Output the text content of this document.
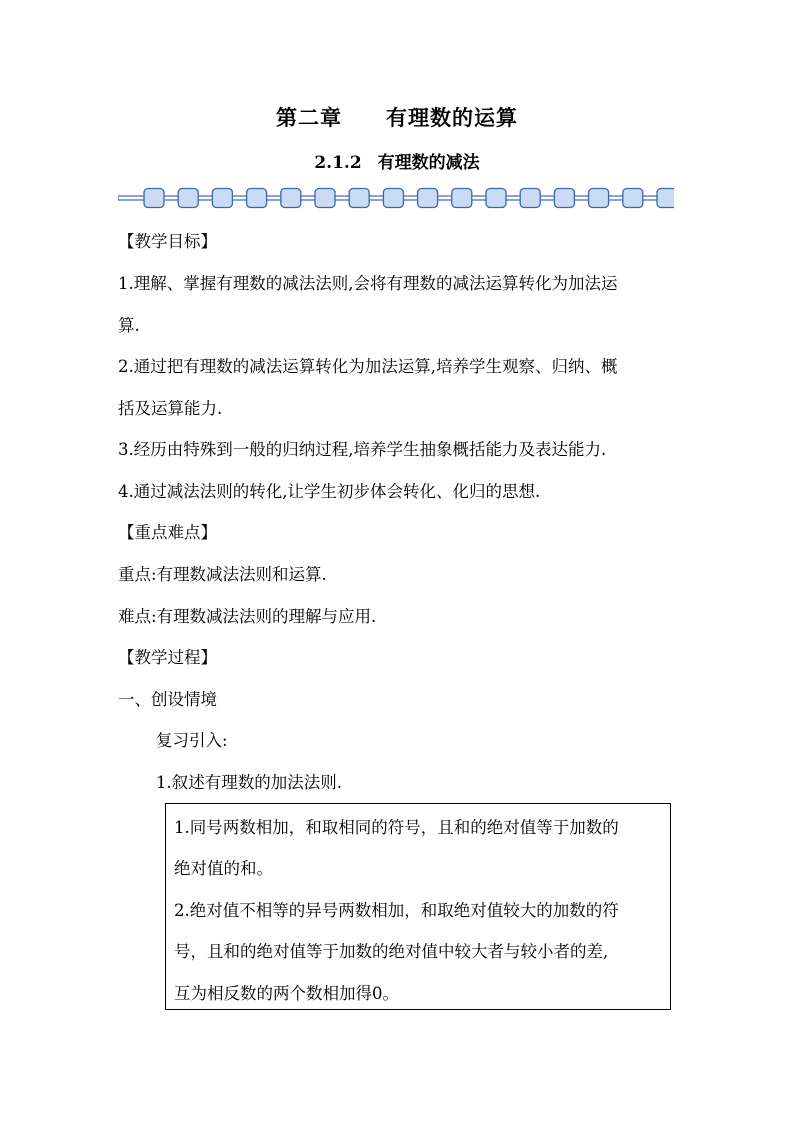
第二章 有理数的运算
2.1.2 有理数的减法
【教学目标】
1.理解、掌握有理数的减法法则,会将有理数的减法运算转化为加法运
算.
2.通过把有理数的减法运算转化为加法运算,培养学生观察、归纳、概
括及运算能力.
3.经历由特殊到一般的归纳过程,培养学生抽象概括能力及表达能力.
4.通过减法法则的转化,让学生初步体会转化、化归的思想.
【重点难点】
重点:有理数减法法则和运算.
难点:有理数减法法则的理解与应用.
【教学过程】
一、创设情境
复习引入:
1.叙述有理数的加法法则.
1.同号两数相加，和取相同的符号，且和的绝对值等于加数的
绝对值的和。
2.绝对值不相等的异号两数相加，和取绝对值较大的加数的符
号，且和的绝对值等于加数的绝对值中较大者与较小者的差,
互为相反数的两个数相加得0。
